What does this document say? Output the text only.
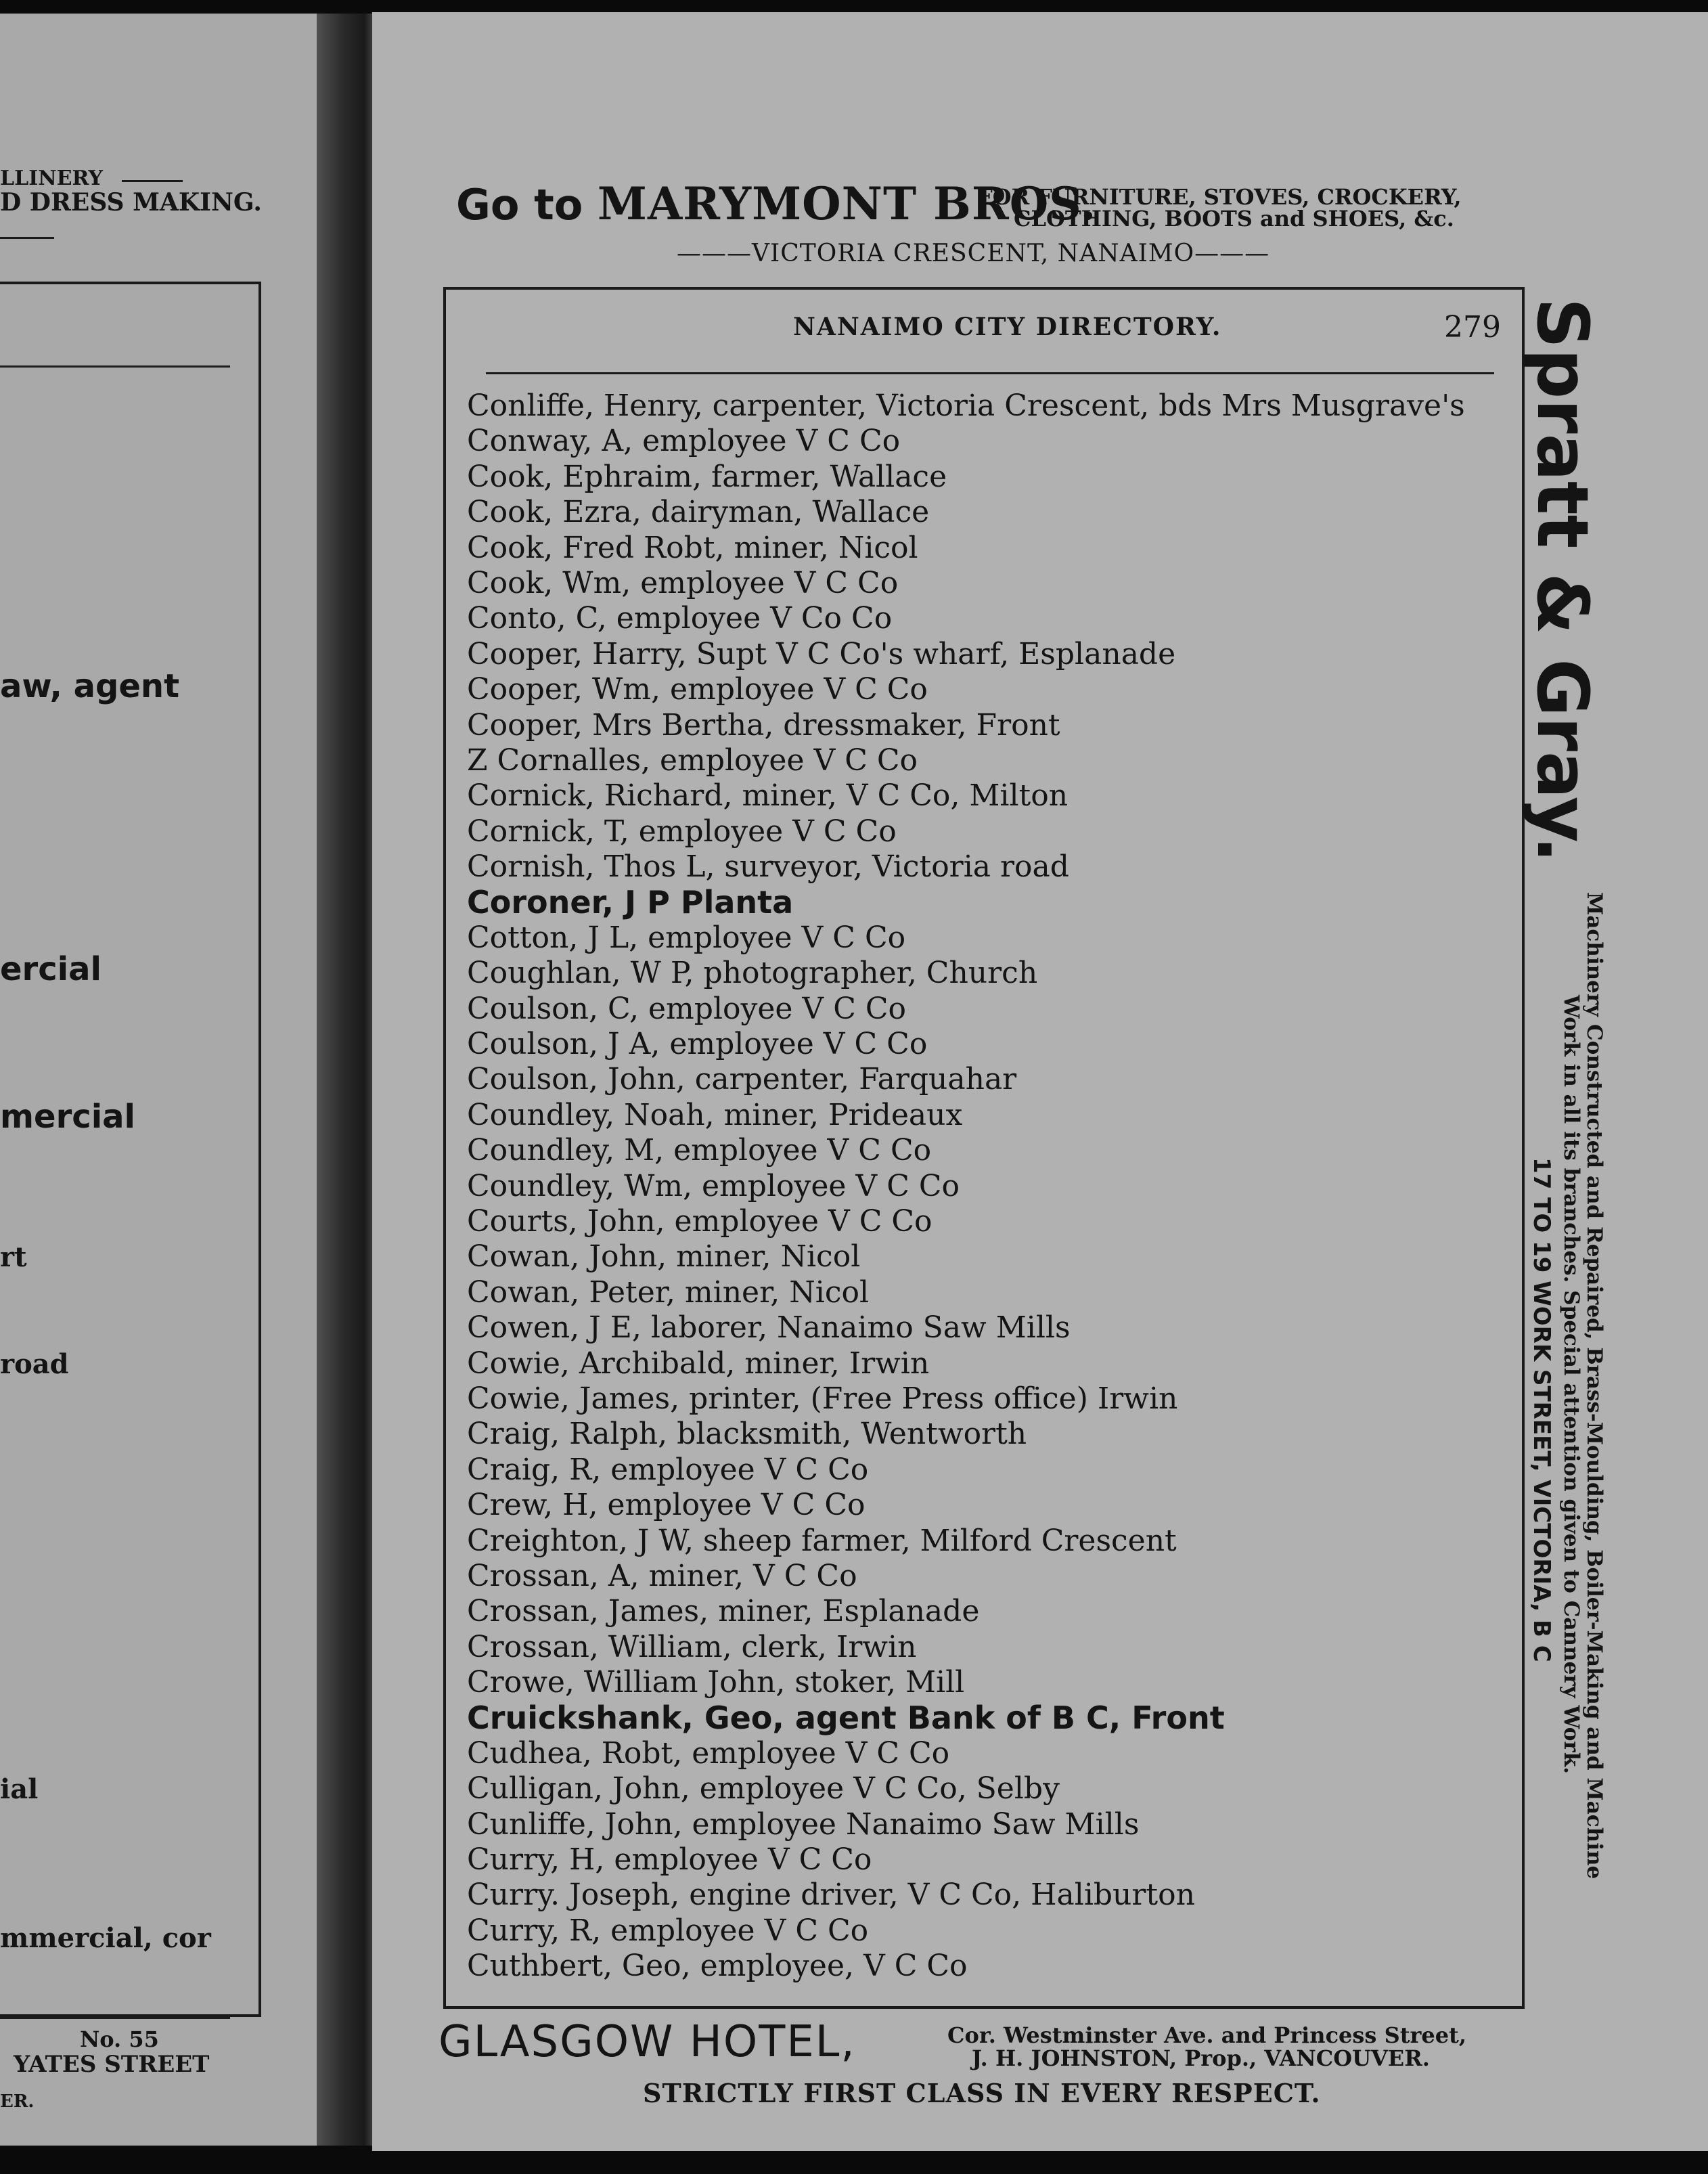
LLINERY
D DRESS MAKING.
aw, agent
ercial
mercial
rt
road
ial
mmercial, cor
No. 55
YATES STREET
ER.
Go to MARYMONT BROS.
FOR FURNITURE, STOVES, CROCKERY,
CLOTHING, BOOTS and SHOES, &c.
———VICTORIA CRESCENT, NANAIMO———
NANAIMO CITY DIRECTORY.	279
Conliffe, Henry, carpenter, Victoria Crescent, bds Mrs Musgrave's
Conway, A, employee V C Co
Cook, Ephraim, farmer, Wallace
Cook, Ezra, dairyman, Wallace
Cook, Fred Robt, miner, Nicol
Cook, Wm, employee V C Co
Conto, C, employee V Co Co
Cooper, Harry, Supt V C Co's wharf, Esplanade
Cooper, Wm, employee V C Co
Cooper, Mrs Bertha, dressmaker, Front
Z Cornalles, employee V C Co
Cornick, Richard, miner, V C Co, Milton
Cornick, T, employee V C Co
Cornish, Thos L, surveyor, Victoria road
Coroner, J P Planta
Cotton, J L, employee V C Co
Coughlan, W P, photographer, Church
Coulson, C, employee V C Co
Coulson, J A, employee V C Co
Coulson, John, carpenter, Farquahar
Coundley, Noah, miner, Prideaux
Coundley, M, employee V C Co
Coundley, Wm, employee V C Co
Courts, John, employee V C Co
Cowan, John, miner, Nicol
Cowan, Peter, miner, Nicol
Cowen, J E, laborer, Nanaimo Saw Mills
Cowie, Archibald, miner, Irwin
Cowie, James, printer, (Free Press office) Irwin
Craig, Ralph, blacksmith, Wentworth
Craig, R, employee V C Co
Crew, H, employee V C Co
Creighton, J W, sheep farmer, Milford Crescent
Crossan, A, miner, V C Co
Crossan, James, miner, Esplanade
Crossan, William, clerk, Irwin
Crowe, William John, stoker, Mill
Cruickshank, Geo, agent Bank of B C, Front
Cudhea, Robt, employee V C Co
Culligan, John, employee V C Co, Selby
Cunliffe, John, employee Nanaimo Saw Mills
Curry, H, employee V C Co
Curry. Joseph, engine driver, V C Co, Haliburton
Curry, R, employee V C Co
Cuthbert, Geo, employee, V C Co
Spratt & Gray.
Machinery Constructed and Repaired, Brass-Moulding, Boiler-Making and Machine
Work in all its branches. Special attention given to Cannery Work.
17 TO 19 WORK STREET, VICTORIA, B C
GLASGOW HOTEL,	Cor. Westminster Ave. and Princess Street,
J. H. JOHNSTON, Prop., VANCOUVER.
STRICTLY FIRST CLASS IN EVERY RESPECT.
